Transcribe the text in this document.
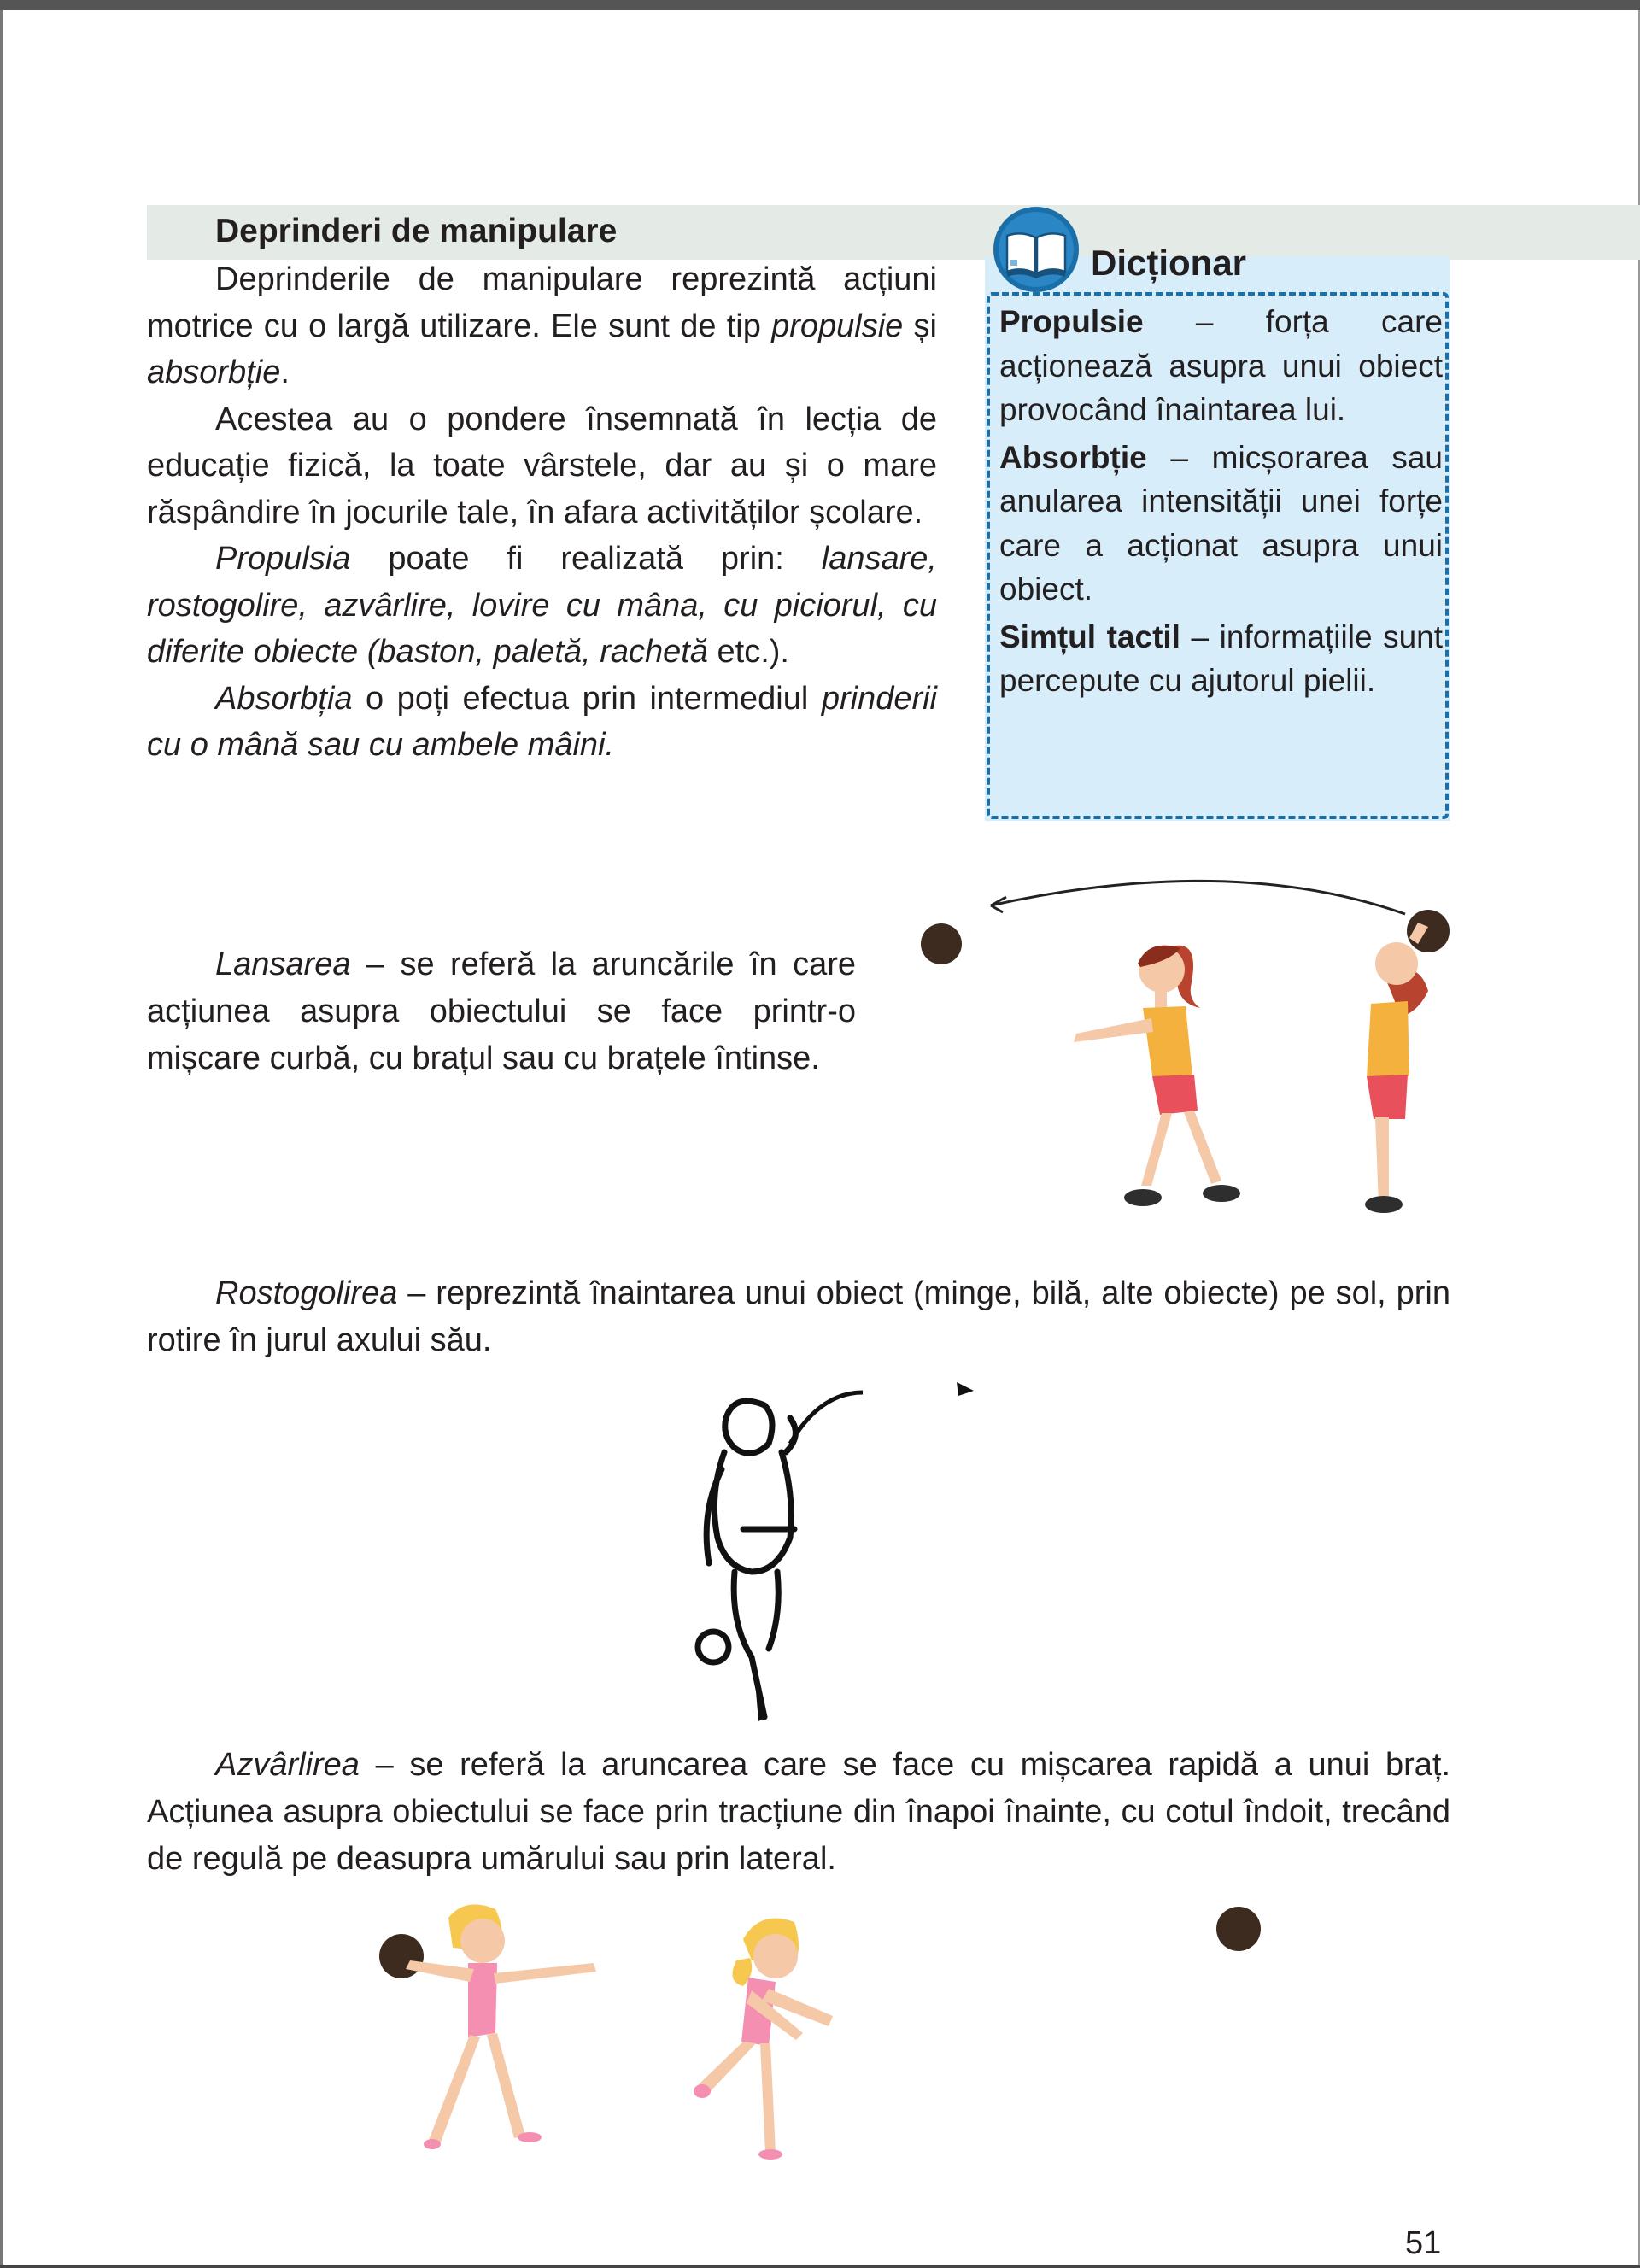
Deprinderi de manipulare

Deprinderile de manipulare reprezintă acțiuni motrice cu o largă utilizare. Ele sunt de tip propulsie și absorbție.

Acestea au o pondere însemnată în lecția de educație fizică, la toate vârstele, dar au și o mare răspândire în jocurile tale, în afara activităților școlare.

Propulsia poate fi realizată prin: lansare, rostogolire, azvârlire, lovire cu mâna, cu piciorul, cu diferite obiecte (baston, paletă, rachetă etc.).

Absorbția o poți efectua prin intermediul prinderii cu o mână sau cu ambele mâini.

Dicționar

Propulsie – forța care acționează asupra unui obiect provocând înaintarea lui.

Absorbție – micșorarea sau anularea intensității unei forțe care a acționat asupra unui obiect.

Simțul tactil – informațiile sunt percepute cu ajutorul pielii.

Lansarea – se referă la aruncările în care acțiunea asupra obiectului se face printr-o mișcare curbă, cu brațul sau cu brațele întinse.

Rostogolirea – reprezintă înaintarea unui obiect (minge, bilă, alte obiecte) pe sol, prin rotire în jurul axului său.

Azvârlirea – se referă la aruncarea care se face cu mișcarea rapidă a unui braț. Acțiunea asupra obiectului se face prin tracțiune din înapoi înainte, cu cotul îndoit, trecând de regulă pe deasupra umărului sau prin lateral.

51
